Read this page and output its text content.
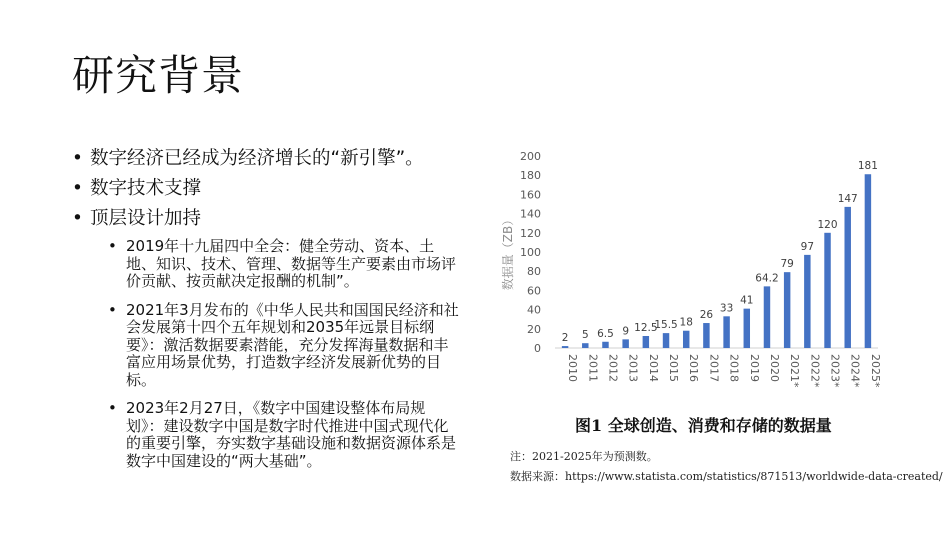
研究背景
• 数字经济已经成为经济增长的“新引擎”。
• 数字技术支撑
• 顶层设计加持
• 2019年十九届四中全会：健全劳动、资本、土地、知识、技术、管理、数据等生产要素由市场评价贡献、按贡献决定报酬的机制”。
• 2021年3月发布的《中华人民共和国国民经济和社会发展第十四个五年规划和2035年远景目标纲要》：激活数据要素潜能，充分发挥海量数据和丰富应用场景优势，打造数字经济发展新优势的目标。
• 2023年2月27日，《数字中国建设整体布局规划》：建设数字中国是数字时代推进中国式现代化的重要引擎，夯实数字基础设施和数据资源体系是数字中国建设的“两大基础”。
0
20
40
60
80
100
120
140
160
180
200
数据量（ZB）
2
2010
5
2011
6.5
2012
9
2013
12.5
2014
15.5
2015
18
2016
26
2017
33
2018
41
2019
64.2
2020
79
2021*
97
2022*
120
2023*
147
2024*
181
2025*
图1 全球创造、消费和存储的数据量
注：2021-2025年为预测数。
数据来源：https://www.statista.com/statistics/871513/worldwide-data-created/
